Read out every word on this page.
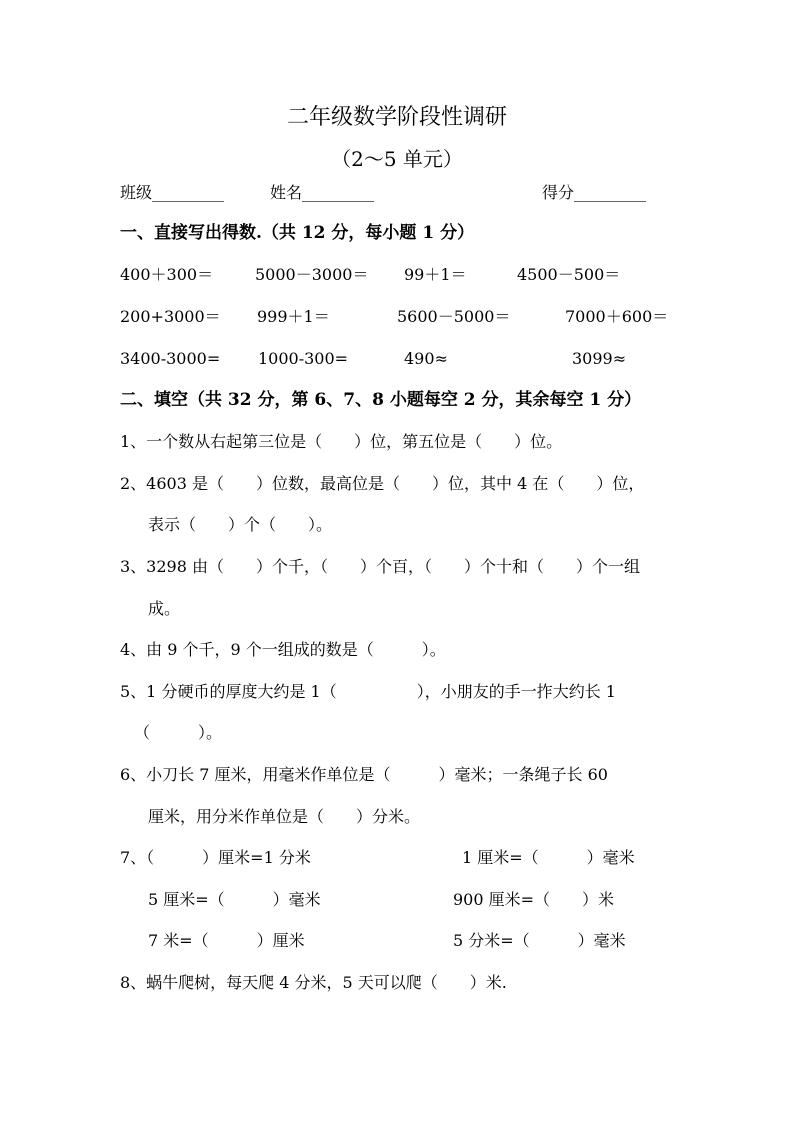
二年级数学阶段性调研
（2～5 单元）
班级_________	姓名_________	得分_________
一、直接写出得数.（共 12 分，每小题 1 分）
400＋300＝	5000－3000＝ 99＋1＝	4500－500＝
200+3000＝ 999＋1＝	5600－5000＝	7000＋600＝
3400-3000= 1000-300=	490≈	3099≈
二、填空（共 32 分，第 6、7、8 小题每空 2 分，其余每空 1 分）
1、一个数从右起第三位是（　　）位，第五位是（　　）位。
2、4603 是（　　）位数，最高位是（　　）位，其中 4 在（　　）位，
表示（　　）个（　　）。
3、3298 由（　　）个千，（　　）个百，（　　）个十和（　　）个一组
成。
4、由 9 个千，9 个一组成的数是（　　　）。
5、1 分硬币的厚度大约是 1（　　　　　），小朋友的手一拃大约长 1
（　　　）。
6、小刀长 7 厘米，用毫米作单位是（　　　）毫米；一条绳子长 60
厘米，用分米作单位是（　　）分米。
7、（　　　）厘米=1 分米	1 厘米=（　　　）毫米
5 厘米=（　　　）毫米	900 厘米=（　　）米
7 米=（　　　）厘米	5 分米=（　　　）毫米
8、蜗牛爬树，每天爬 4 分米，5 天可以爬（　　）米.
